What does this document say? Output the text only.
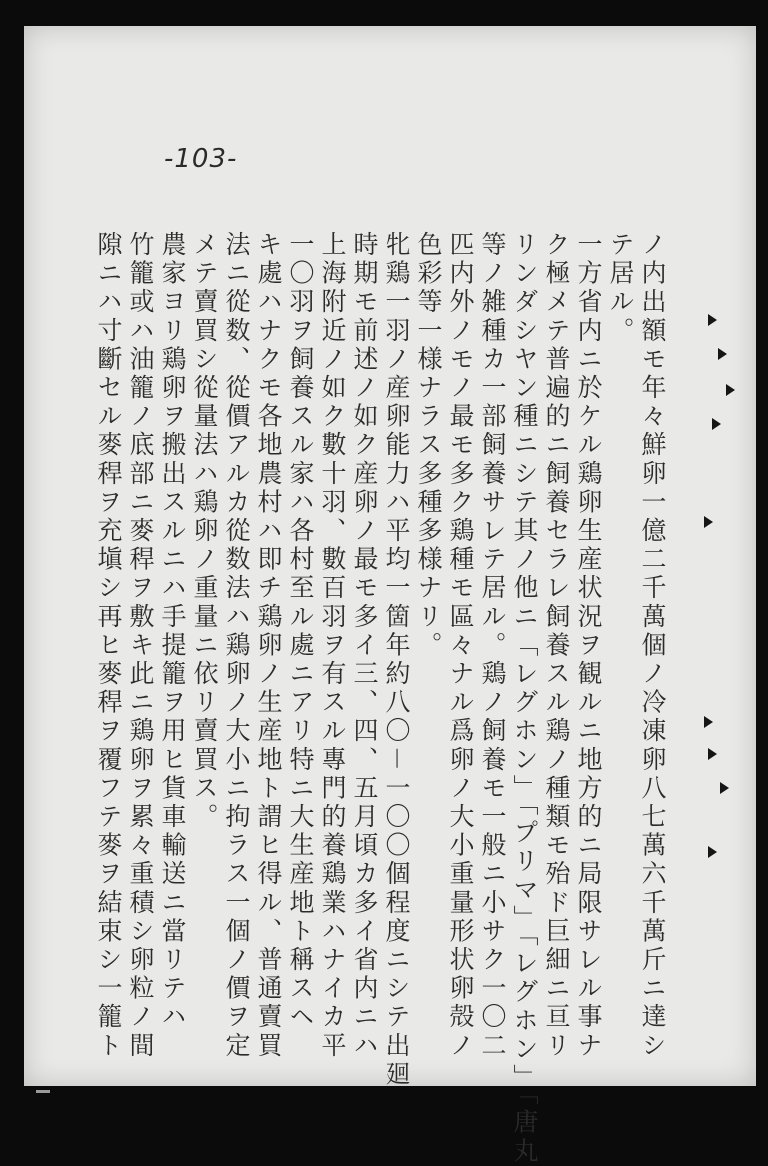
-103-
ノ内出額モ年々鮮卵一億二千萬個ノ冷凍卵八七萬六千萬斤ニ達シ
テ居ル。
一方省内ニ於ケル鶏卵生産状況ヲ観ルニ地方的ニ局限サレル事ナ
ク極メテ普遍的ニ飼養セラレ飼養スル鶏ノ種類モ殆ド巨細ニ亘リ
リンダシヤン種ニシテ其ノ他ニ「レグホン」「プリマ」「レグホン」「唐丸
等ノ雑種カ一部飼養サレテ居ル。鶏ノ飼養モ一般ニ小サク一〇二
匹内外ノモノ最モ多ク鶏種モ區々ナル爲卵ノ大小重量形状卵殻ノ
色彩等一様ナラス多種多様ナリ。
牝鶏一羽ノ産卵能力ハ平均一箇年約八〇－一〇〇個程度ニシテ出廻
時期モ前述ノ如ク産卵ノ最モ多イ三、四、五月頃カ多イ省内ニハ
上海附近ノ如ク數十羽、數百羽ヲ有スル專門的養鶏業ハナイカ平
一〇羽ヲ飼養スル家ハ各村至ル處ニアリ特ニ大生産地ト稱スヘ
キ處ハナクモ各地農村ハ即チ鶏卵ノ生産地ト謂ヒ得ル、普通賣買
法ニ從数、從價アルカ從数法ハ鶏卵ノ大小ニ拘ラス一個ノ價ヲ定
メテ賣買シ從量法ハ鶏卵ノ重量ニ依リ賣買ス。
農家ヨリ鶏卵ヲ搬出スルニハ手提籠ヲ用ヒ貨車輸送ニ當リテハ
竹籠或ハ油籠ノ底部ニ麥稈ヲ敷キ此ニ鶏卵ヲ累々重積シ卵粒ノ間
隙ニハ寸斷セル麥稈ヲ充塡シ再ヒ麥稈ヲ覆フテ麥ヲ結束シ一籠ト
